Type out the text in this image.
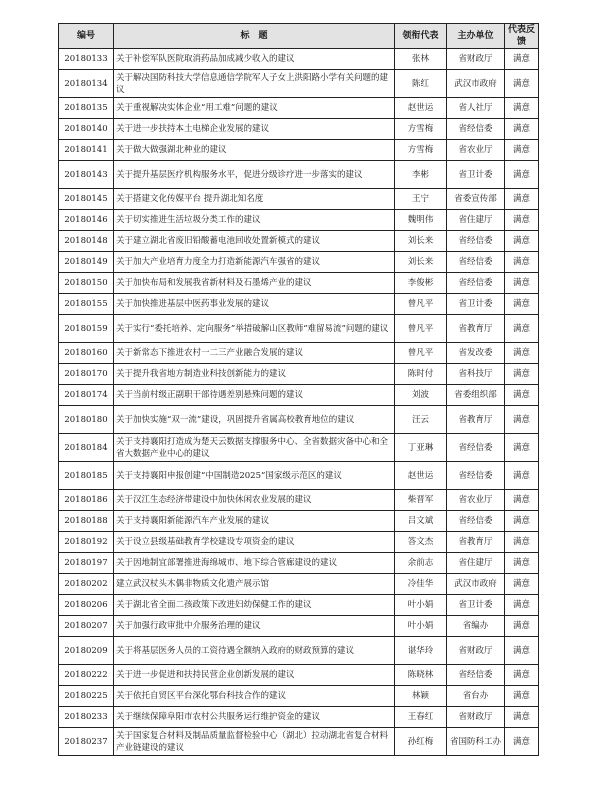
编号	标　题	领衔代表	主办单位	代表反馈
20180133	关于补偿军队医院取消药品加成减少收入的建议	张林	省财政厅	满意
20180134	关于解决国防科技大学信息通信学院军人子女上洪阳路小学有关问题的建议	陈红	武汉市政府	满意
20180135	关于重视解决实体企业“用工难”问题的建议	赵世运	省人社厅	满意
20180140	关于进一步扶持本土电梯企业发展的建议	方雪梅	省经信委	满意
20180141	关于做大做强湖北种业的建议	方雪梅	省农业厅	满意
20180143	关于提升基层医疗机构服务水平，促进分级诊疗进一步落实的建议	李彬	省卫计委	满意
20180145	关于搭建文化传媒平台 提升湖北知名度	王宁	省委宣传部	满意
20180146	关于切实推进生活垃圾分类工作的建议	魏明伟	省住建厅	满意
20180148	关于建立湖北省废旧铅酸蓄电池回收处置新模式的建议	刘长来	省经信委	满意
20180149	关于加大产业培育力度全力打造新能源汽车强省的建议	刘长来	省经信委	满意
20180150	关于加快布局和发展我省新材料及石墨烯产业的建议	李俊彬	省经信委	满意
20180155	关于加快推进基层中医药事业发展的建议	曾凡平	省卫计委	满意
20180159	关于实行“委托培养、定向服务”举措破解山区教师“难留易流”问题的建议	曾凡平	省教育厅	满意
20180160	关于新常态下推进农村一二三产业融合发展的建议	曾凡平	省发改委	满意
20180170	关于提升我省地方制造业科技创新能力的建议	陈时付	省科技厅	满意
20180174	关于当前村级正副职干部待遇差别悬殊问题的建议	刘波	省委组织部	满意
20180180	关于加快实施“双一流”建设，巩固提升省属高校教育地位的建议	汪云	省教育厅	满意
20180184	关于支持襄阳打造成为楚天云数据支撑服务中心、全省数据灾备中心和全省大数据产业中心的建议	丁亚琳	省经信委	满意
20180185	关于支持襄阳申报创建“中国制造2025”国家级示范区的建议	赵世运	省经信委	满意
20180186	关于汉江生态经济带建设中加快休闲农业发展的建议	柴晋军	省农业厅	满意
20180188	关于支持襄阳新能源汽车产业发展的建议	吕文斌	省经信委	满意
20180192	关于设立县级基础教育学校建设专项资金的建议	答文杰	省教育厅	满意
20180197	关于因地制宜部署推进海绵城市、地下综合管廊建设的建议	余前志	省住建厅	满意
20180202	建立武汉杖头木偶非物质文化遗产展示馆	冷佳华	武汉市政府	满意
20180206	关于湖北省全面二孩政策下改进妇幼保健工作的建议	叶小娟	省卫计委	满意
20180207	关于加强行政审批中介服务治理的建议	叶小娟	省编办	满意
20180209	关于将基层医务人员的工资待遇全额纳入政府的财政预算的建议	谌华玲	省财政厅	满意
20180222	关于进一步促进和扶持民营企业创新发展的建议	陈晓林	省经信委	满意
20180225	关于依托自贸区平台深化鄂台科技合作的建议	林颖	省台办	满意
20180233	关于继续保障阜阳市农村公共服务运行维护资金的建议	王春红	省财政厅	满意
20180237	关于国家复合材料及制品质量监督检验中心（湖北）拉动湖北省复合材料产业链建设的建议	孙红梅	省国防科工办	满意
